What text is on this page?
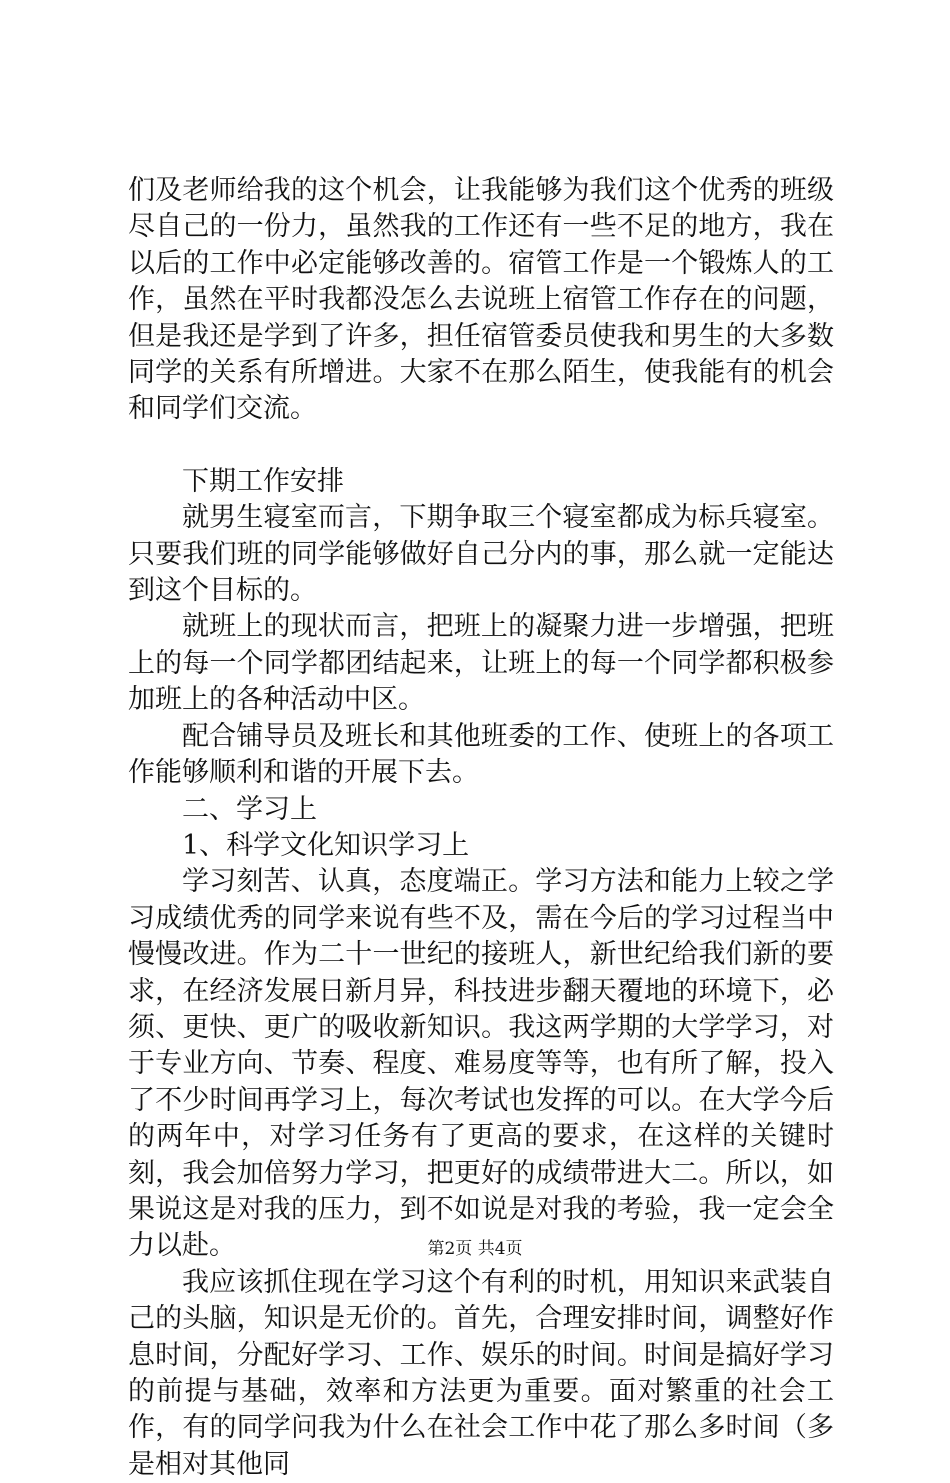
们及老师给我的这个机会，让我能够为我们这个优秀的班级尽自己的一份力，虽然我的工作还有一些不足的地方，我在以后的工作中必定能够改善的。宿管工作是一个锻炼人的工作，虽然在平时我都没怎么去说班上宿管工作存在的问题，但是我还是学到了许多，担任宿管委员使我和男生的大多数同学的关系有所增进。大家不在那么陌生，使我能有的机会和同学们交流。

下期工作安排

就男生寝室而言，下期争取三个寝室都成为标兵寝室。只要我们班的同学能够做好自己分内的事，那么就一定能达到这个目标的。

就班上的现状而言，把班上的凝聚力进一步增强，把班上的每一个同学都团结起来，让班上的每一个同学都积极参加班上的各种活动中区。

配合铺导员及班长和其他班委的工作、使班上的各项工作能够顺利和谐的开展下去。

二、学习上

1、科学文化知识学习上

学习刻苦、认真，态度端正。学习方法和能力上较之学习成绩优秀的同学来说有些不及，需在今后的学习过程当中慢慢改进。作为二十一世纪的接班人，新世纪给我们新的要求，在经济发展日新月异，科技进步翻天覆地的环境下，必须、更快、更广的吸收新知识。我这两学期的大学学习，对于专业方向、节奏、程度、难易度等等，也有所了解，投入了不少时间再学习上，每次考试也发挥的可以。在大学今后的两年中，对学习任务有了更高的要求，在这样的关键时刻，我会加倍努力学习，把更好的成绩带进大二。所以，如果说这是对我的压力，到不如说是对我的考验，我一定会全力以赴。

我应该抓住现在学习这个有利的时机，用知识来武装自己的头脑，知识是无价的。首先，合理安排时间，调整好作息时间，分配好学习、工作、娱乐的时间。时间是搞好学习的前提与基础，效率和方法更为重要。面对繁重的社会工作，有的同学问我为什么在社会工作中花了那么多时间（多是相对其他同

第2页 共4页
